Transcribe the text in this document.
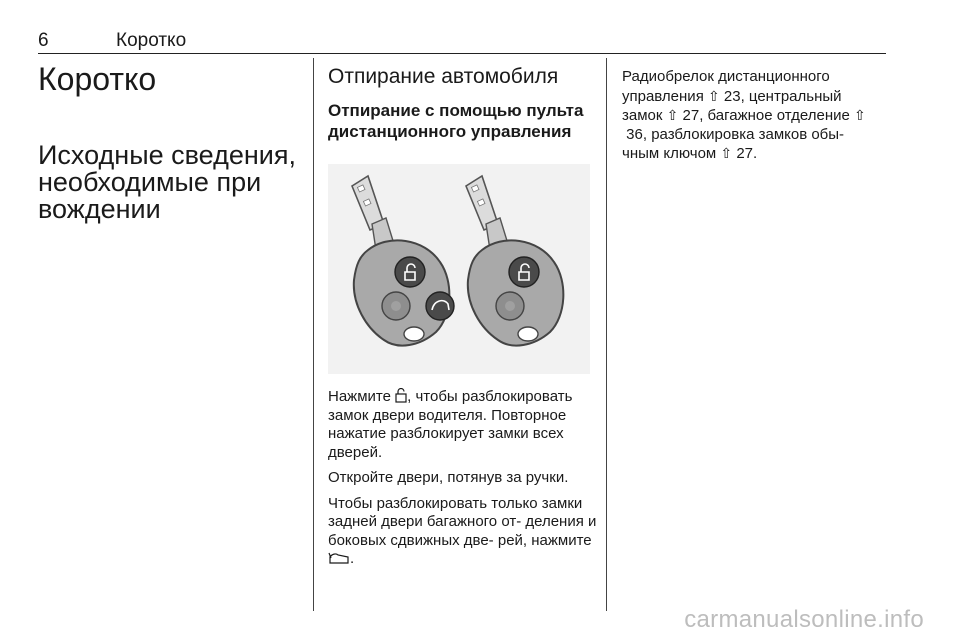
6	Коротко
Коротко
Исходные сведения, необходимые при вождении
Отпирание автомобиля
Отпирание с помощью пульта дистанционного управления

Нажмите , чтобы разблокировать замок двери водителя. Повторное нажатие разблокирует замки всех дверей.

Откройте двери, потянув за ручки.

Чтобы разблокировать только замки задней двери багажного от- деления и боковых сдвижных две- рей, нажмите .

Радиобрелок дистанционного управления ⇧ 23, центральный замок ⇧ 27, багажное отделение ⇧ 36, разблокировка замков обы- чным ключом ⇧ 27.

carmanualsonline.info
